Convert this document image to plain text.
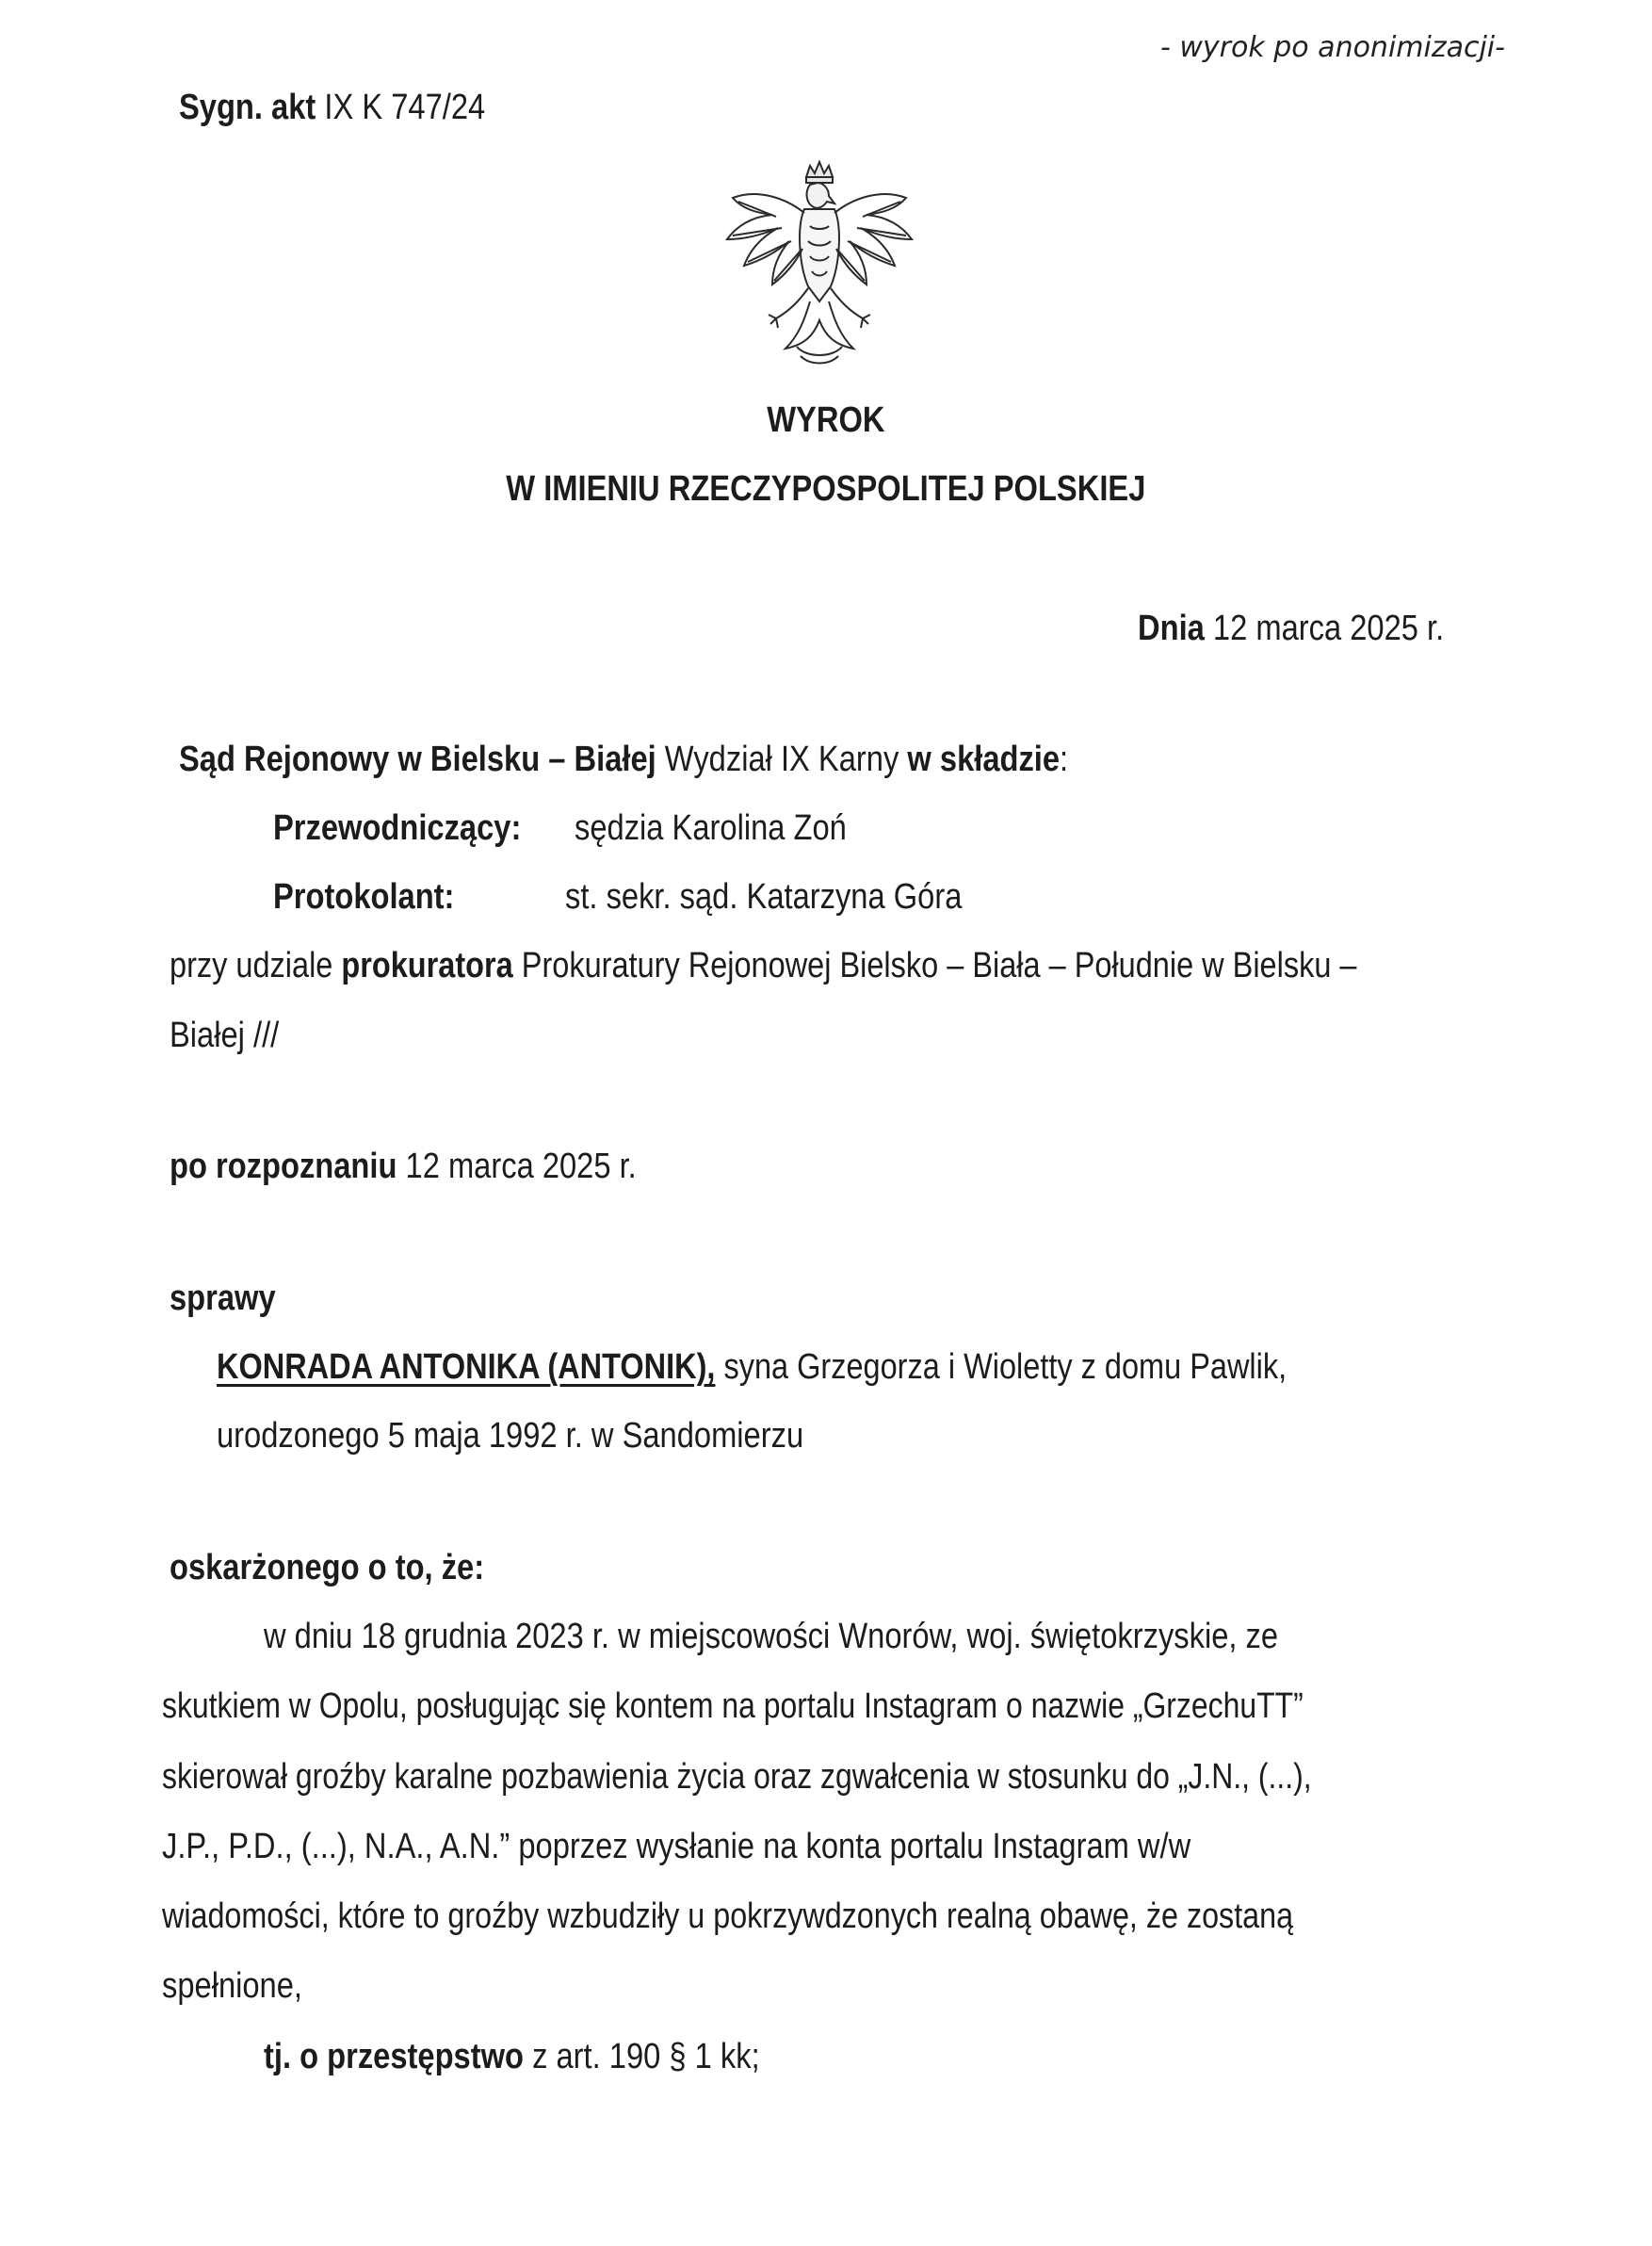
- wyrok po anonimizacji-
Sygn. akt IX K 747/24
WYROK
W IMIENIU RZECZYPOSPOLITEJ POLSKIEJ
Dnia 12 marca 2025 r.
Sąd Rejonowy w Bielsku – Białej Wydział IX Karny w składzie:
Przewodniczący:	sędzia Karolina Zoń
Protokolant:	st. sekr. sąd. Katarzyna Góra
przy udziale prokuratora Prokuratury Rejonowej Bielsko – Biała – Południe w Bielsku –
Białej ///
po rozpoznaniu 12 marca 2025 r.
sprawy
KONRADA ANTONIKA (ANTONIK), syna Grzegorza i Wioletty z domu Pawlik,
urodzonego 5 maja 1992 r. w Sandomierzu
oskarżonego o to, że:
w dniu 18 grudnia 2023 r. w miejscowości Wnorów, woj. świętokrzyskie, ze
skutkiem w Opolu, posługując się kontem na portalu Instagram o nazwie „GrzechuTT”
skierował groźby karalne pozbawienia życia oraz zgwałcenia w stosunku do „J.N., (...),
J.P., P.D., (...), N.A., A.N.” poprzez wysłanie na konta portalu Instagram w/w
wiadomości, które to groźby wzbudziły u pokrzywdzonych realną obawę, że zostaną
spełnione,
tj. o przestępstwo z art. 190 § 1 kk;
